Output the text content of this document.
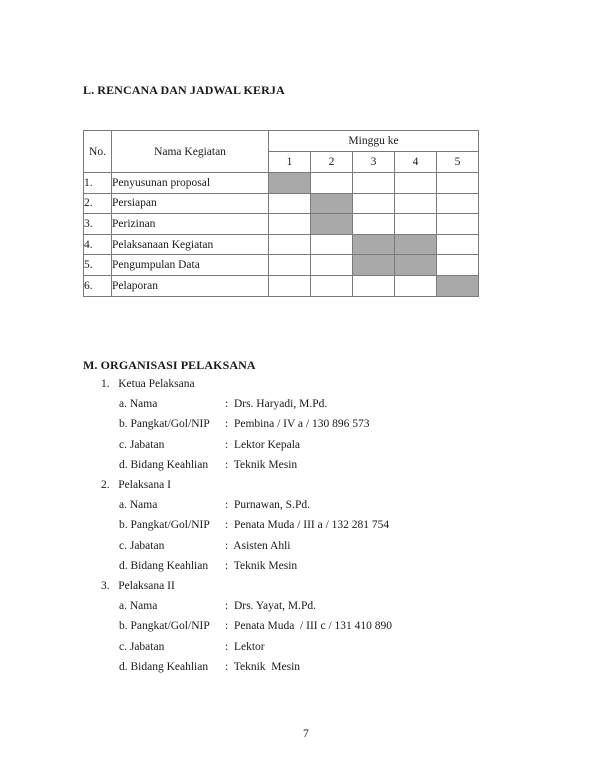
L. RENCANA DAN JADWAL KERJA
No.	Nama Kegiatan	Minggu ke				
		1	2	3	4	5
1.	Penyusunan proposal					
2.	Persiapan					
3.	Perizinan					
4.	Pelaksanaan Kegiatan					
5.	Pengumpulan Data					
6.	Pelaporan					
M. ORGANISASI PELAKSANA
1.   Ketua Pelaksana
a. Nama	:  Drs. Haryadi, M.Pd.
b. Pangkat/Gol/NIP :  Pembina / IV a / 130 896 573
c. Jabatan	:  Lektor Kepala
d. Bidang Keahlian :  Teknik Mesin
2.   Pelaksana I
a. Nama	:  Purnawan, S.Pd.
b. Pangkat/Gol/NIP :  Penata Muda / III a / 132 281 754
c. Jabatan	:  Asisten Ahli
d. Bidang Keahlian :  Teknik Mesin
3.   Pelaksana II
a. Nama	:  Drs. Yayat, M.Pd.
b. Pangkat/Gol/NIP :  Penata Muda  / III c / 131 410 890
c. Jabatan	:  Lektor
d. Bidang Keahlian :  Teknik  Mesin
7
